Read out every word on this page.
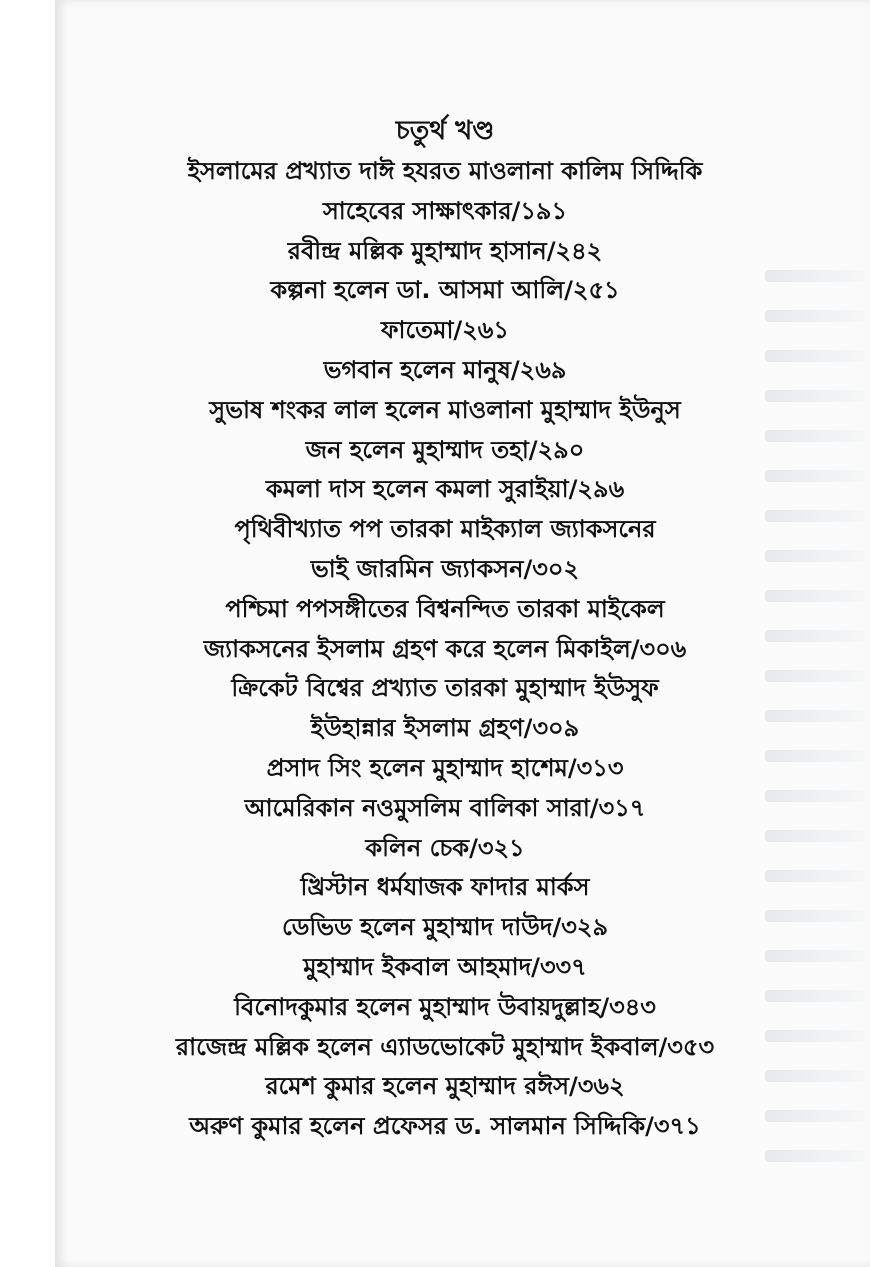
চতুর্থ খণ্ড
ইসলামের প্রখ্যাত দাঈ হযরত মাওলানা কালিম সিদ্দিকি
সাহেবের সাক্ষাৎকার/১৯১
রবীন্দ্র মল্লিক মুহাম্মাদ হাসান/২৪২
কল্পনা হলেন ডা. আসমা আলি/২৫১
ফাতেমা/২৬১
ভগবান হলেন মানুষ/২৬৯
সুভাষ শংকর লাল হলেন মাওলানা মুহাম্মাদ ইউনুস
জন হলেন মুহাম্মাদ তহা/২৯০
কমলা দাস হলেন কমলা সুরাইয়া/২৯৬
পৃথিবীখ্যাত পপ তারকা মাইক্যাল জ্যাকসনের
ভাই জারমিন জ্যাকসন/৩০২
পশ্চিমা পপসঙ্গীতের বিশ্বনন্দিত তারকা মাইকেল
জ্যাকসনের ইসলাম গ্রহণ করে হলেন মিকাইল/৩০৬
ক্রিকেট বিশ্বের প্রখ্যাত তারকা মুহাম্মাদ ইউসুফ
ইউহান্নার ইসলাম গ্রহণ/৩০৯
প্রসাদ সিং হলেন মুহাম্মাদ হাশেম/৩১৩
আমেরিকান নওমুসলিম বালিকা সারা/৩১৭
কলিন চেক/৩২১
খ্রিস্টান ধর্মযাজক ফাদার মার্কস
ডেভিড হলেন মুহাম্মাদ দাউদ/৩২৯
মুহাম্মাদ ইকবাল আহমাদ/৩৩৭
বিনোদকুমার হলেন মুহাম্মাদ উবায়দুল্লাহ/৩৪৩
রাজেন্দ্র মল্লিক হলেন এ্যাডভোকেট মুহাম্মাদ ইকবাল/৩৫৩
রমেশ কুমার হলেন মুহাম্মাদ রঈস/৩৬২
অরুণ কুমার হলেন প্রফেসর ড. সালমান সিদ্দিকি/৩৭১
